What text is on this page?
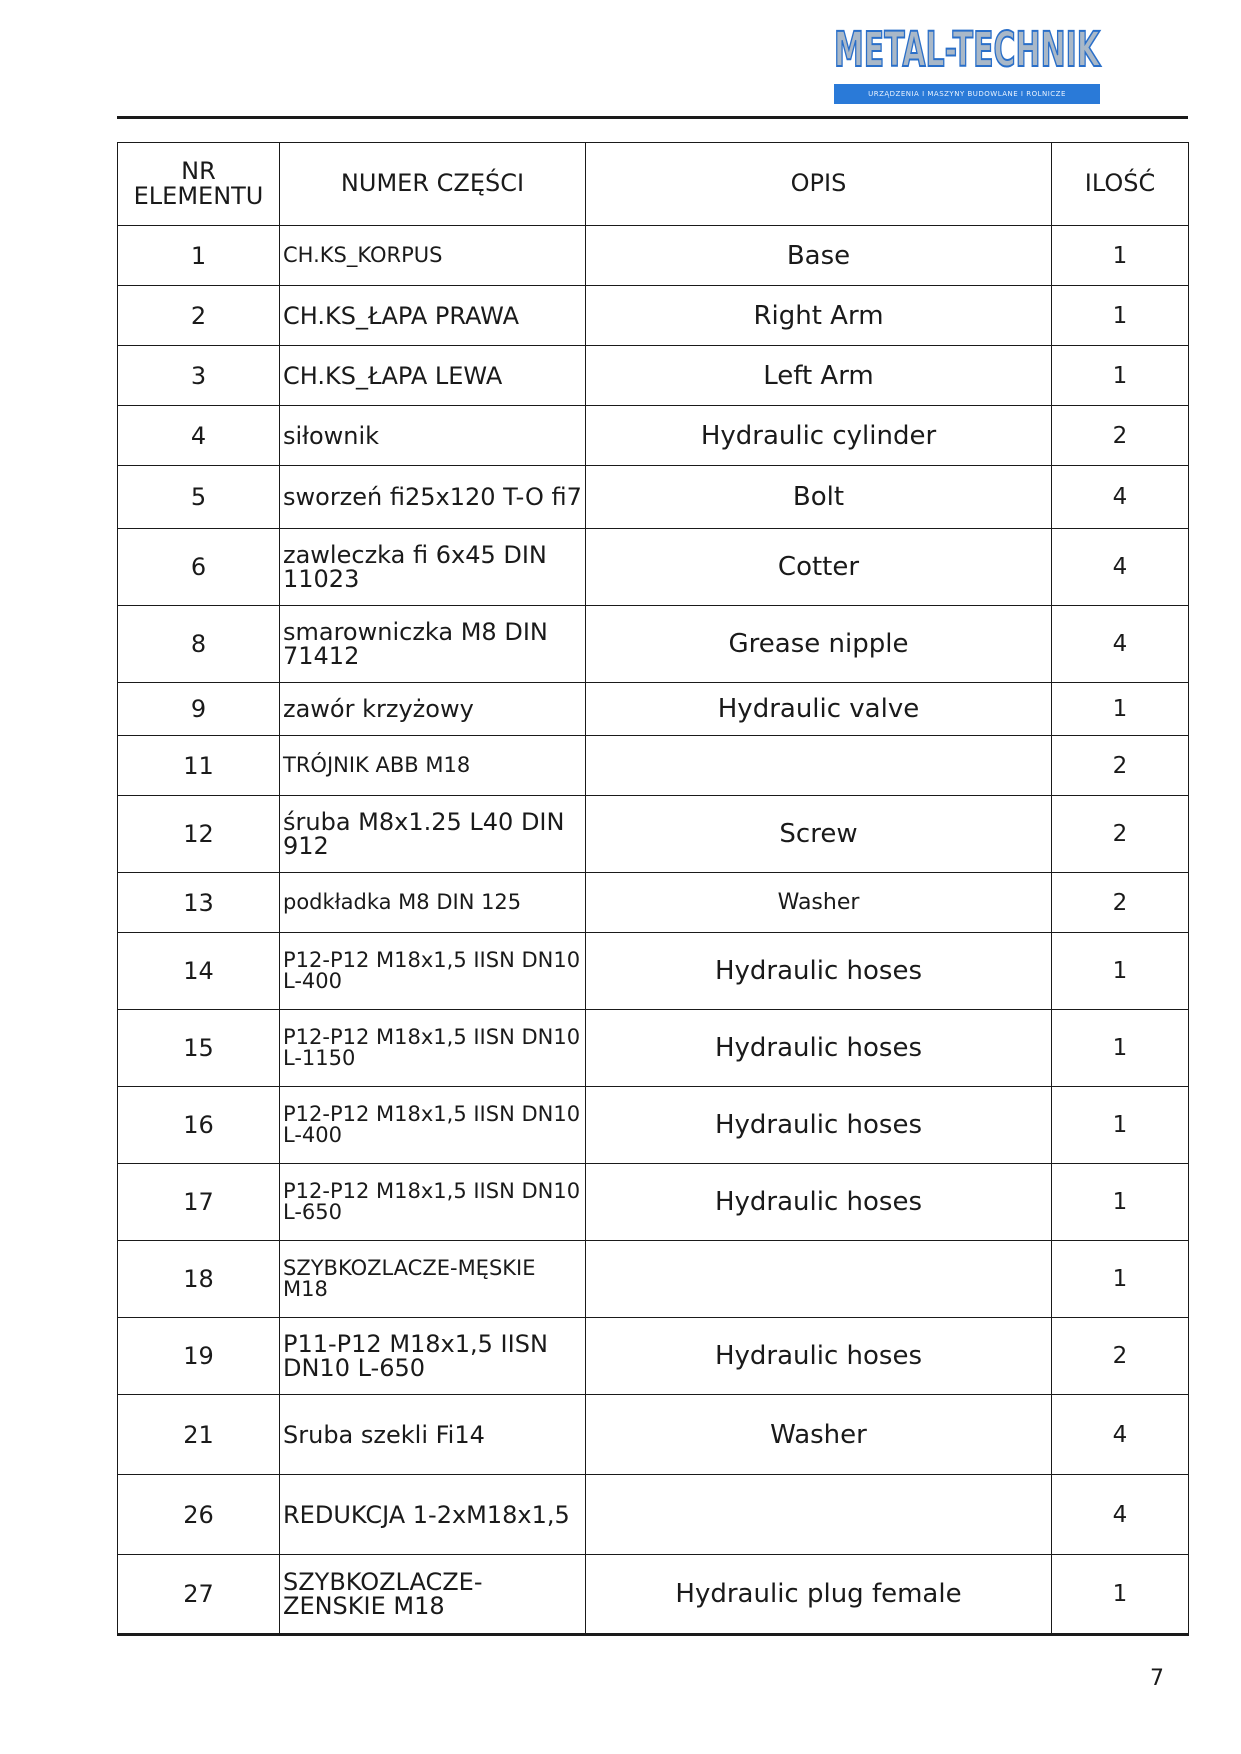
METAL-TECHNIK
URZĄDZENIA I MASZYNY BUDOWLANE I ROLNICZE
NR ELEMENTU	NUMER CZĘŚCI	OPIS	ILOŚĆ
1	CH.KS_KORPUS	Base	1
2	CH.KS_ŁAPA PRAWA	Right Arm	1
3	CH.KS_ŁAPA LEWA	Left Arm	1
4	siłownik	Hydraulic cylinder	2
5	sworzeń fi25x120 T-O fi7	Bolt	4
6	zawleczka fi 6x45 DIN 11023	Cotter	4
8	smarowniczka M8 DIN 71412	Grease nipple	4
9	zawór krzyżowy	Hydraulic valve	1
11	TRÓJNIK ABB M18		2
12	śruba M8x1.25 L40 DIN 912	Screw	2
13	podkładka M8 DIN 125	Washer	2
14	P12-P12 M18x1,5 IISN DN10 L-400	Hydraulic hoses	1
15	P12-P12 M18x1,5 IISN DN10 L-1150	Hydraulic hoses	1
16	P12-P12 M18x1,5 IISN DN10 L-400	Hydraulic hoses	1
17	P12-P12 M18x1,5 IISN DN10 L-650	Hydraulic hoses	1
18	SZYBKOZLACZE-MĘSKIE M18		1
19	P11-P12 M18x1,5 IISN DN10 L-650	Hydraulic hoses	2
21	Sruba szekli Fi14	Washer	4
26	REDUKCJA 1-2xM18x1,5		4
27	SZYBKOZLACZE-ZENSKIE M18	Hydraulic plug female	1
7
